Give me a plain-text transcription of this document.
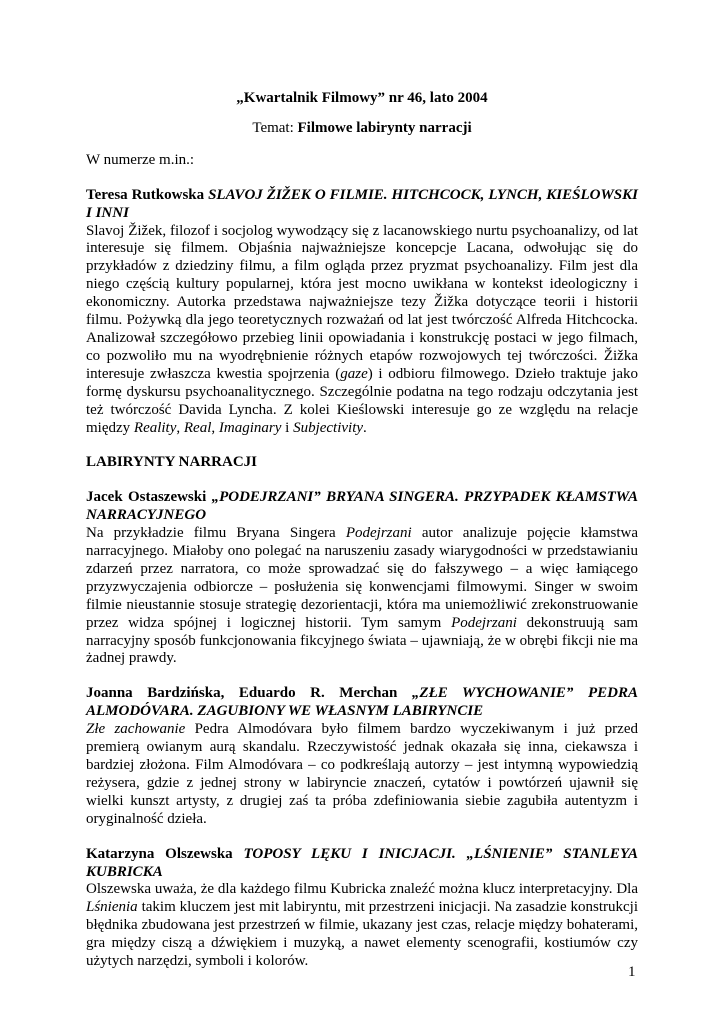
„Kwartalnik Filmowy” nr 46, lato 2004

Temat: Filmowe labirynty narracji

W numerze m.in.:

Teresa Rutkowska SLAVOJ ŽIŽEK O FILMIE. HITCHCOCK, LYNCH, KIEŚLOWSKI I INNI

Slavoj Žižek, filozof i socjolog wywodzący się z lacanowskiego nurtu psychoanalizy, od lat interesuje się filmem. Objaśnia najważniejsze koncepcje Lacana, odwołując się do przykładów z dziedziny filmu, a film ogląda przez pryzmat psychoanalizy. Film jest dla niego częścią kultury popularnej, która jest mocno uwikłana w kontekst ideologiczny i ekonomiczny. Autorka przedstawa najważniejsze tezy Žižka dotyczące teorii i historii filmu. Pożywką dla jego teoretycznych rozważań od lat jest twórczość Alfreda Hitchcocka. Analizował szczegółowo przebieg linii opowiadania i konstrukcję postaci w jego filmach, co pozwoliło mu na wyodrębnienie różnych etapów rozwojowych tej twórczości. Žižka interesuje zwłaszcza kwestia spojrzenia (gaze) i odbioru filmowego. Dzieło traktuje jako formę dyskursu psychoanalitycznego. Szczególnie podatna na tego rodzaju odczytania jest też twórczość Davida Lyncha. Z kolei Kieślowski interesuje go ze względu na relacje między Reality, Real, Imaginary i Subjectivity.

LABIRYNTY NARRACJI

Jacek Ostaszewski „PODEJRZANI” BRYANA SINGERA. PRZYPADEK KŁAMSTWA NARRACYJNEGO

Na przykładzie filmu Bryana Singera Podejrzani autor analizuje pojęcie kłamstwa narracyjnego. Miałoby ono polegać na naruszeniu zasady wiarygodności w przedstawianiu zdarzeń przez narratora, co może sprowadzać się do fałszywego – a więc łamiącego przyzwyczajenia odbiorcze – posłużenia się konwencjami filmowymi. Singer w swoim filmie nieustannie stosuje strategię dezorientacji, która ma uniemożliwić zrekonstruowanie przez widza spójnej i logicznej historii. Tym samym Podejrzani dekonstruują sam narracyjny sposób funkcjonowania fikcyjnego świata – ujawniają, że w obrębi fikcji nie ma żadnej prawdy.

Joanna Bardzińska, Eduardo R. Merchan „ZŁE WYCHOWANIE” PEDRA ALMODÓVARA. ZAGUBIONY WE WŁASNYM LABIRYNCIE

Złe zachowanie Pedra Almodóvara było filmem bardzo wyczekiwanym i już przed premierą owianym aurą skandalu. Rzeczywistość jednak okazała się inna, ciekawsza i bardziej złożona. Film Almodóvara – co podkreślają autorzy – jest intymną wypowiedzią reżysera, gdzie z jednej strony w labiryncie znaczeń, cytatów i powtórzeń ujawnił się wielki kunszt artysty, z drugiej zaś ta próba zdefiniowania siebie zagubiła autentyzm i oryginalność dzieła.

Katarzyna Olszewska TOPOSY LĘKU I INICJACJI. „LŚNIENIE” STANLEYA KUBRICKA

Olszewska uważa, że dla każdego filmu Kubricka znaleźć można klucz interpretacyjny. Dla Lśnienia takim kluczem jest mit labiryntu, mit przestrzeni inicjacji. Na zasadzie konstrukcji błędnika zbudowana jest przestrzeń w filmie, ukazany jest czas, relacje między bohaterami, gra między ciszą a dźwiękiem i muzyką, a nawet elementy scenografii, kostiumów czy użytych narzędzi, symboli i kolorów.

1
